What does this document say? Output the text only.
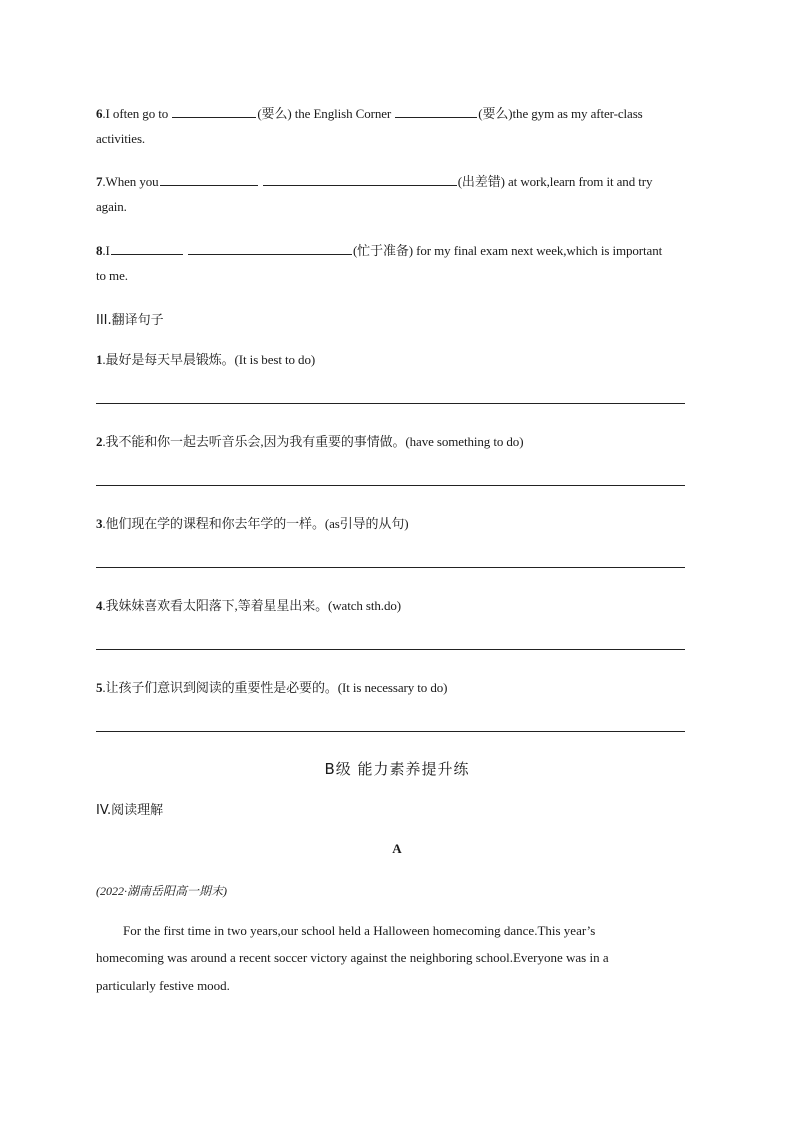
6.I often go to	(要么) the English Corner	(要么)the gym as my after-class
activities.
7.When you	(出差错) at work,learn from it and try
again.
8.I	(忙于准备) for my final exam next week,which is important
to me.
III.翻译句子
1.最好是每天早晨锻炼。(It is best to do)
2.我不能和你一起去听音乐会,因为我有重要的事情做。(have something to do)
3.他们现在学的课程和你去年学的一样。(as引导的从句)
4.我妹妹喜欢看太阳落下,等着星星出来。(watch sth.do)
5.让孩子们意识到阅读的重要性是必要的。(It is necessary to do)
B级 能力素养提升练
IV.阅读理解
A
(2022·湖南岳阳高一期末)
For the first time in two years,our school held a Halloween homecoming dance.This year’s
homecoming was around a recent soccer victory against the neighboring school.Everyone was in a
particularly festive mood.
